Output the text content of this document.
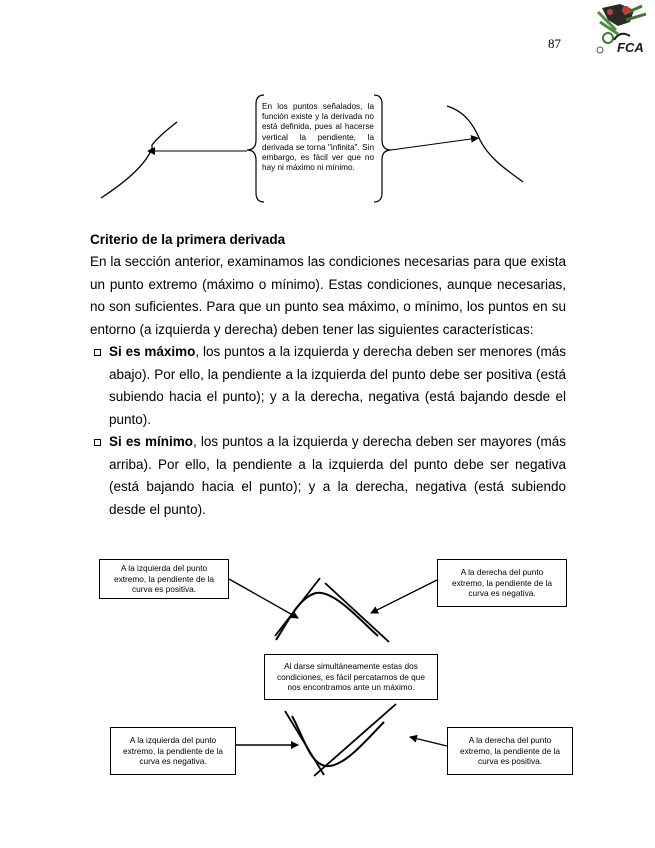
87	FCA
En los puntos señalados, la función existe y la derivada no está definida, pues al hacerse vertical la pendiente, la derivada se torna "infinita". Sin embargo, es fácil ver que no hay ni máximo ni mínimo.
Criterio de la primera derivada

En la sección anterior, examinamos las condiciones necesarias para que exista un punto extremo (máximo o mínimo). Estas condiciones, aunque necesarias, no son suficientes. Para que un punto sea máximo, o mínimo, los puntos en su entorno (a izquierda y derecha) deben tener las siguientes características:

Si es máximo, los puntos a la izquierda y derecha deben ser menores (más abajo). Por ello, la pendiente a la izquierda del punto debe ser positiva (está subiendo hacia el punto); y a la derecha, negativa (está bajando desde el punto).

Si es mínimo, los puntos a la izquierda y derecha deben ser mayores (más arriba). Por ello, la pendiente a la izquierda del punto debe ser negativa (está bajando hacia el punto); y a la derecha, negativa (está subiendo desde el punto).

A la izquierda del punto extremo, la pendiente de la curva es positiva.
A la derecha del punto extremo, la pendiente de la curva es negativa.
Al darse simultáneamente estas dos condiciones, es fácil percatarnos de que nos encontramos ante un máximo.
A la izquierda del punto extremo, la pendiente de la curva es negativa.
A la derecha del punto extremo, la pendiente de la curva es positiva.
